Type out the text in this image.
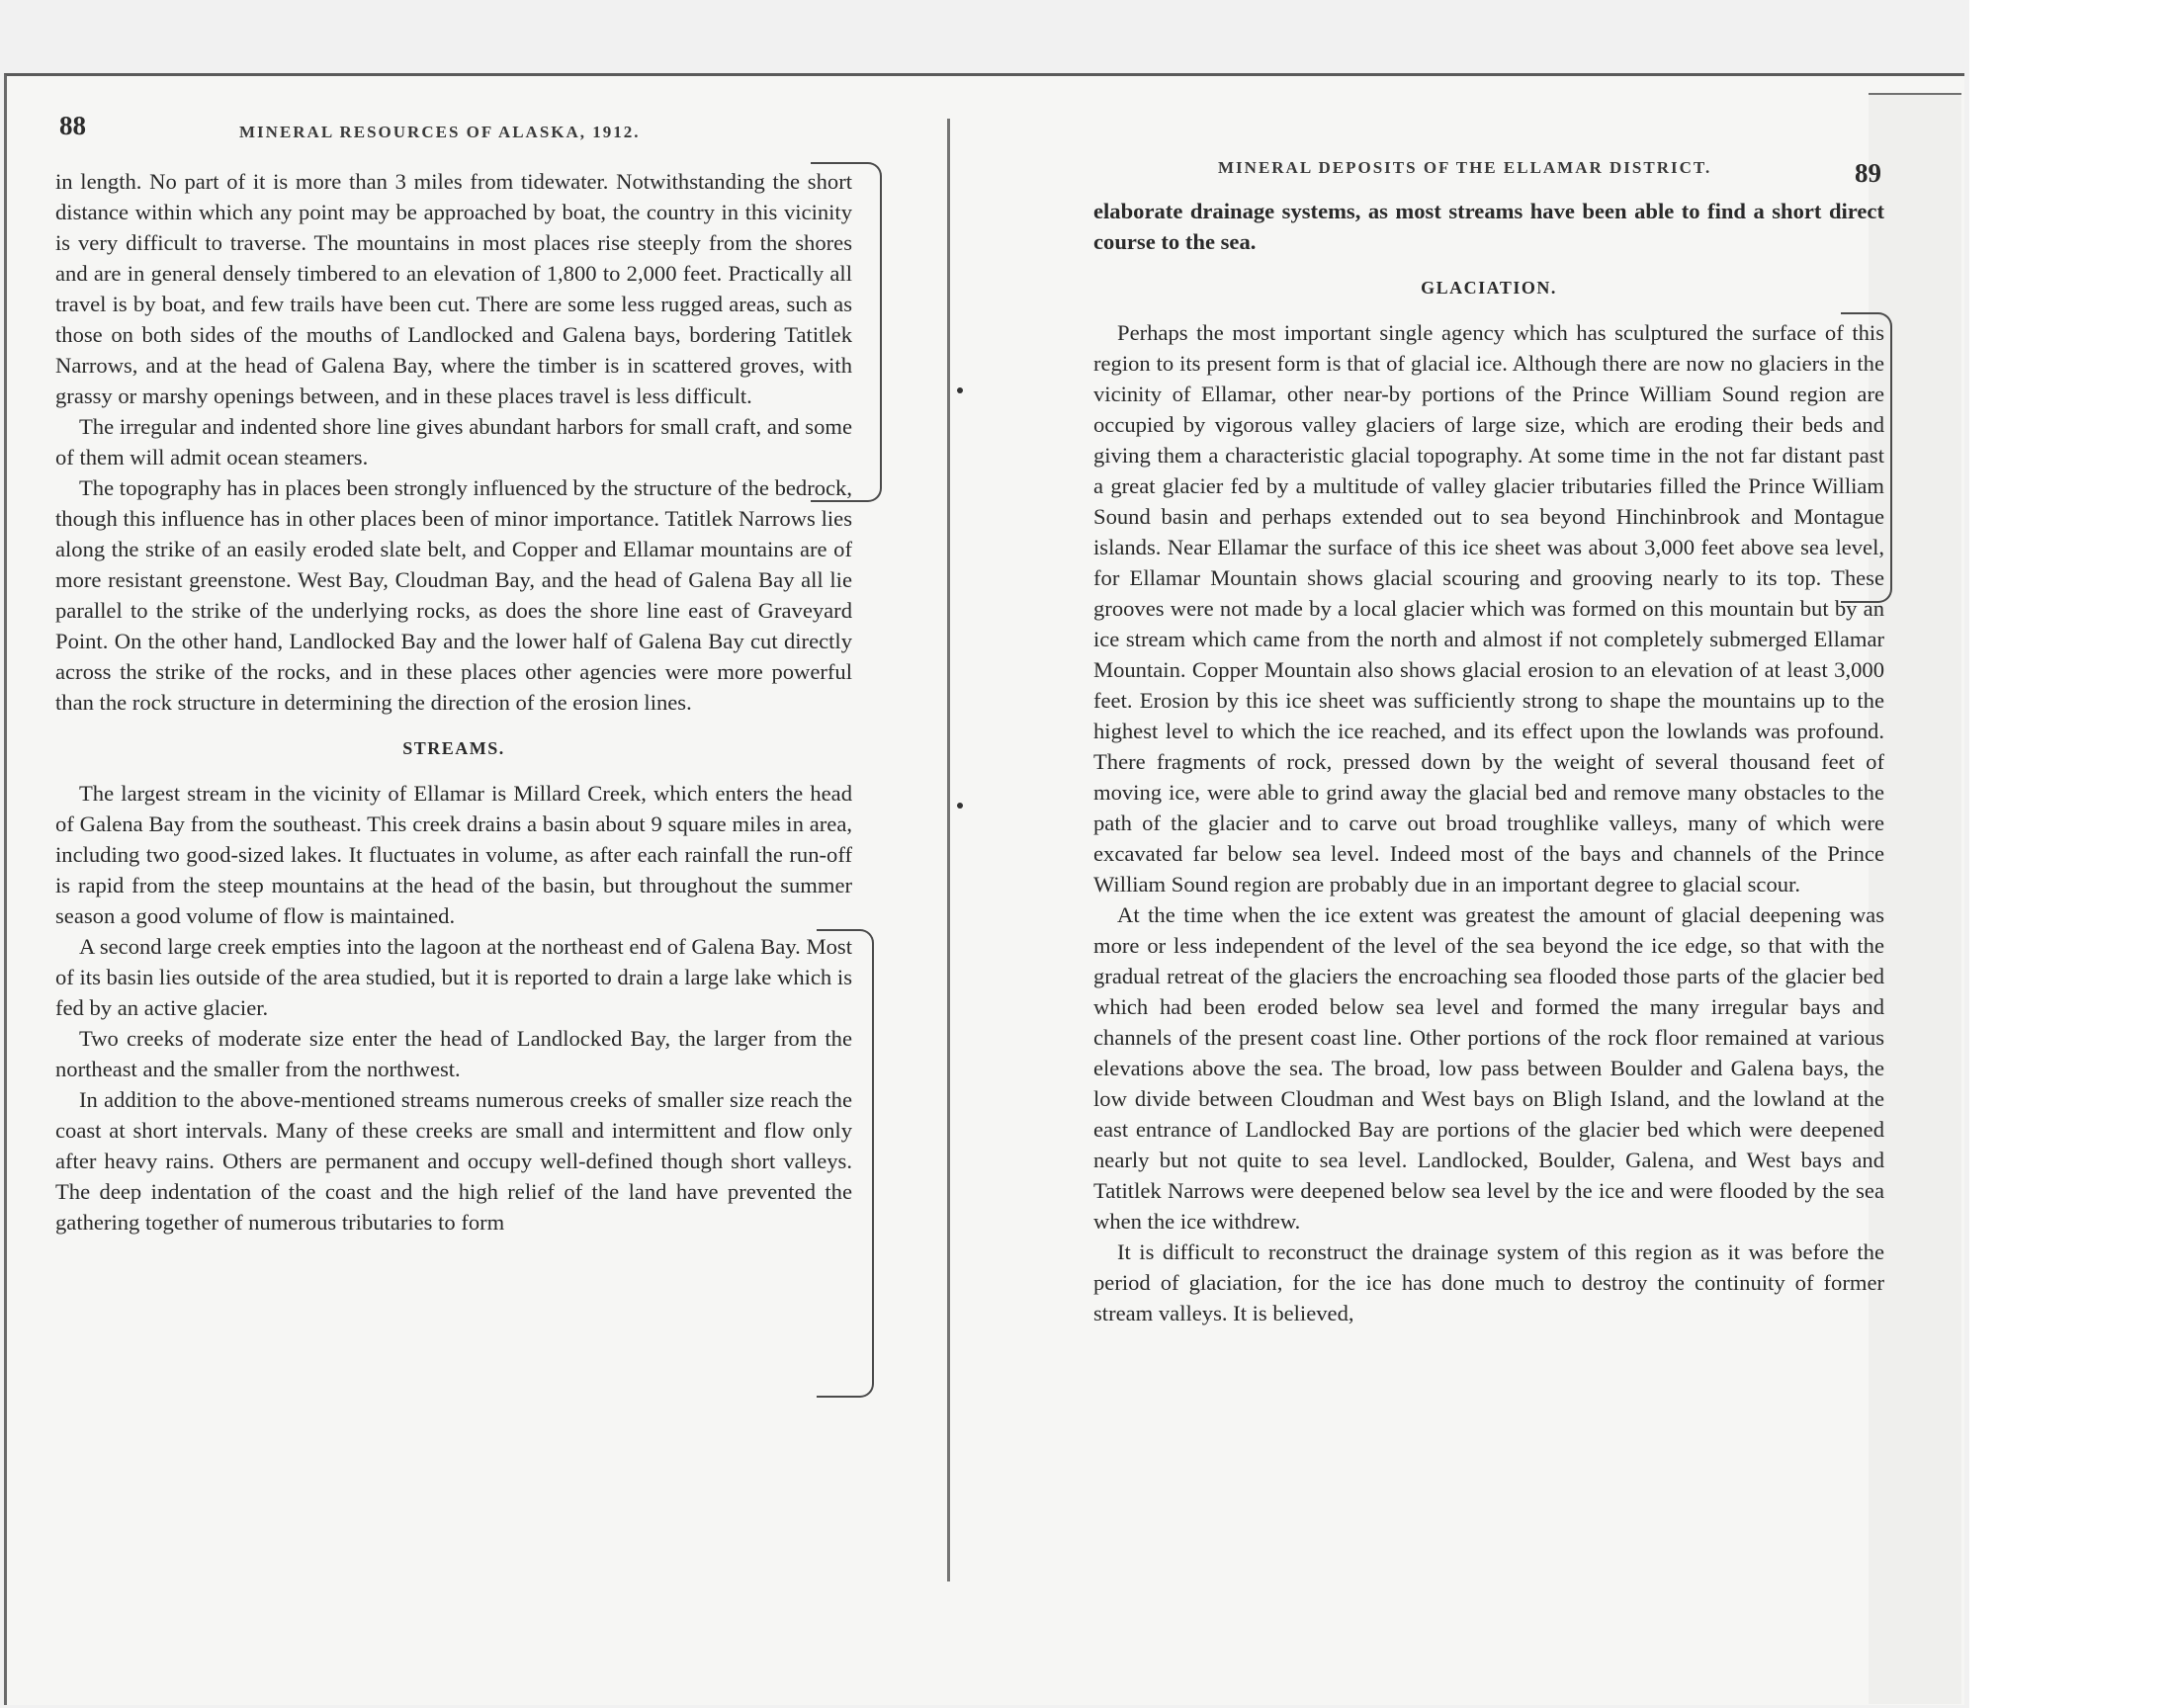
88	MINERAL RESOURCES OF ALASKA, 1912.

in length. No part of it is more than 3 miles from tidewater. Notwithstanding the short distance within which any point may be approached by boat, the country in this vicinity is very difficult to traverse. The mountains in most places rise steeply from the shores and are in general densely timbered to an elevation of 1,800 to 2,000 feet. Practically all travel is by boat, and few trails have been cut. There are some less rugged areas, such as those on both sides of the mouths of Landlocked and Galena bays, bordering Tatitlek Narrows, and at the head of Galena Bay, where the timber is in scattered groves, with grassy or marshy openings between, and in these places travel is less difficult.

The irregular and indented shore line gives abundant harbors for small craft, and some of them will admit ocean steamers.

The topography has in places been strongly influenced by the structure of the bedrock, though this influence has in other places been of minor importance. Tatitlek Narrows lies along the strike of an easily eroded slate belt, and Copper and Ellamar mountains are of more resistant greenstone. West Bay, Cloudman Bay, and the head of Galena Bay all lie parallel to the strike of the underlying rocks, as does the shore line east of Graveyard Point. On the other hand, Landlocked Bay and the lower half of Galena Bay cut directly across the strike of the rocks, and in these places other agencies were more powerful than the rock structure in determining the direction of the erosion lines.

STREAMS.

The largest stream in the vicinity of Ellamar is Millard Creek, which enters the head of Galena Bay from the southeast. This creek drains a basin about 9 square miles in area, including two good-sized lakes. It fluctuates in volume, as after each rainfall the run-off is rapid from the steep mountains at the head of the basin, but throughout the summer season a good volume of flow is maintained.

A second large creek empties into the lagoon at the northeast end of Galena Bay. Most of its basin lies outside of the area studied, but it is reported to drain a large lake which is fed by an active glacier.

Two creeks of moderate size enter the head of Landlocked Bay, the larger from the northeast and the smaller from the northwest.

In addition to the above-mentioned streams numerous creeks of smaller size reach the coast at short intervals. Many of these creeks are small and intermittent and flow only after heavy rains. Others are permanent and occupy well-defined though short valleys. The deep indentation of the coast and the high relief of the land have prevented the gathering together of numerous tributaries to form

MINERAL DEPOSITS OF THE ELLAMAR DISTRICT.	89

elaborate drainage systems, as most streams have been able to find a short direct course to the sea.

GLACIATION.

Perhaps the most important single agency which has sculptured the surface of this region to its present form is that of glacial ice. Although there are now no glaciers in the vicinity of Ellamar, other near-by portions of the Prince William Sound region are occupied by vigorous valley glaciers of large size, which are eroding their beds and giving them a characteristic glacial topography. At some time in the not far distant past a great glacier fed by a multitude of valley glacier tributaries filled the Prince William Sound basin and perhaps extended out to sea beyond Hinchinbrook and Montague islands. Near Ellamar the surface of this ice sheet was about 3,000 feet above sea level, for Ellamar Mountain shows glacial scouring and grooving nearly to its top. These grooves were not made by a local glacier which was formed on this mountain but by an ice stream which came from the north and almost if not completely submerged Ellamar Mountain. Copper Mountain also shows glacial erosion to an elevation of at least 3,000 feet. Erosion by this ice sheet was sufficiently strong to shape the mountains up to the highest level to which the ice reached, and its effect upon the lowlands was profound. There fragments of rock, pressed down by the weight of several thousand feet of moving ice, were able to grind away the glacial bed and remove many obstacles to the path of the glacier and to carve out broad troughlike valleys, many of which were excavated far below sea level. Indeed most of the bays and channels of the Prince William Sound region are probably due in an important degree to glacial scour.

At the time when the ice extent was greatest the amount of glacial deepening was more or less independent of the level of the sea beyond the ice edge, so that with the gradual retreat of the glaciers the encroaching sea flooded those parts of the glacier bed which had been eroded below sea level and formed the many irregular bays and channels of the present coast line. Other portions of the rock floor remained at various elevations above the sea. The broad, low pass between Boulder and Galena bays, the low divide between Cloudman and West bays on Bligh Island, and the lowland at the east entrance of Landlocked Bay are portions of the glacier bed which were deepened nearly but not quite to sea level. Landlocked, Boulder, Galena, and West bays and Tatitlek Narrows were deepened below sea level by the ice and were flooded by the sea when the ice withdrew.

It is difficult to reconstruct the drainage system of this region as it was before the period of glaciation, for the ice has done much to destroy the continuity of former stream valleys. It is believed,
